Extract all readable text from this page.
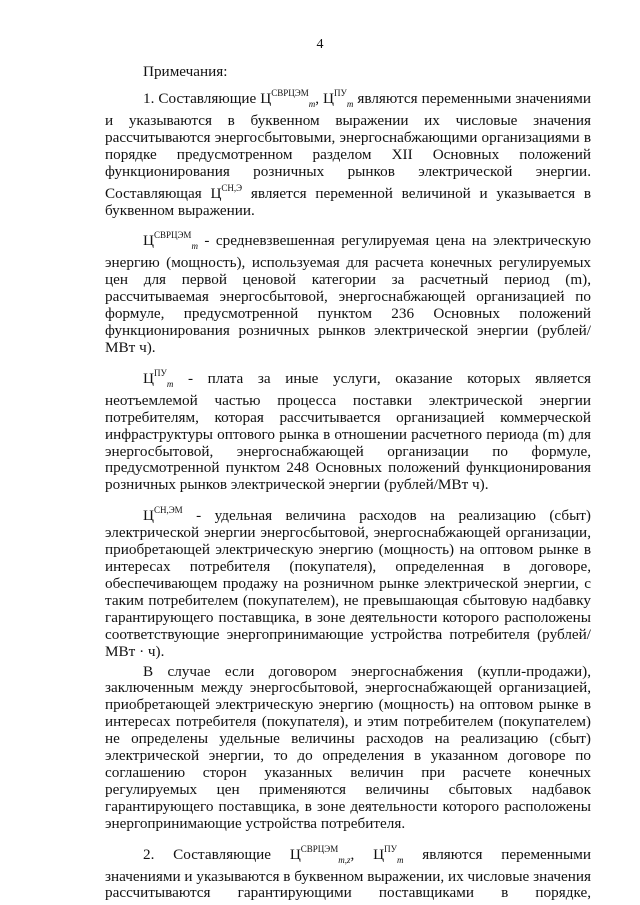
4
Примечания:

1. Составляющие $Ц^{СВРЦЭМ}_m$, $Ц^{ПУ}_m$ являются переменными значениями и указываются в буквенном выражении их числовые значения рассчитываются энергосбытовыми, энергоснабжающими организациями в порядке предусмотренном разделом XII Основных положений функционирования розничных рынков электрической энергии. Составляющая $Ц^{СН,Э}$ является переменной величиной и указывается в буквенном выражении.

$Ц^{СВРЦЭМ}_m$ - средневзвешенная регулируемая цена на электрическую энергию (мощность), используемая для расчета конечных регулируемых цен для первой ценовой категории за расчетный период (m), рассчитываемая энергосбытовой, энергоснабжающей организацией по формуле, предусмотренной пунктом 236 Основных положений функционирования розничных рынков электрической энергии (рублей/МВт ч).

$Ц^{ПУ}_m$ - плата за иные услуги, оказание которых является неотъемлемой частью процесса поставки электрической энергии потребителям, которая рассчитывается организацией коммерческой инфраструктуры оптового рынка в отношении расчетного периода (m) для энергосбытовой, энергоснабжающей организации по формуле, предусмотренной пунктом 248 Основных положений функционирования розничных рынков электрической энергии (рублей/МВт ч).

$Ц^{СН,ЭМ}$ - удельная величина расходов на реализацию (сбыт) электрической энергии энергосбытовой, энергоснабжающей организации, приобретающей электрическую энергию (мощность) на оптовом рынке в интересах потребителя (покупателя), определенная в договоре, обеспечивающем продажу на розничном рынке электрической энергии, с таким потребителем (покупателем), не превышающая сбытовую надбавку гарантирующего поставщика, в зоне деятельности которого расположены соответствующие энергопринимающие устройства потребителя (рублей/МВт · ч).

В случае если договором энергоснабжения (купли-продажи), заключенным между энергосбытовой, энергоснабжающей организацией, приобретающей электрическую энергию (мощность) на оптовом рынке в интересах потребителя (покупателя), и этим потребителем (покупателем) не определены удельные величины расходов на реализацию (сбыт) электрической энергии, то до определения в указанном договоре по соглашению сторон указанных величин при расчете конечных регулируемых цен применяются величины сбытовых надбавок гарантирующего поставщика, в зоне деятельности которого расположены энергопринимающие устройства потребителя.

2. Составляющие $Ц^{СВРЦЭМ}_{m,z}$, $Ц^{ПУ}_m$ являются переменными значениями и указываются в буквенном выражении, их числовые значения рассчитываются гарантирующими поставщиками в порядке,
